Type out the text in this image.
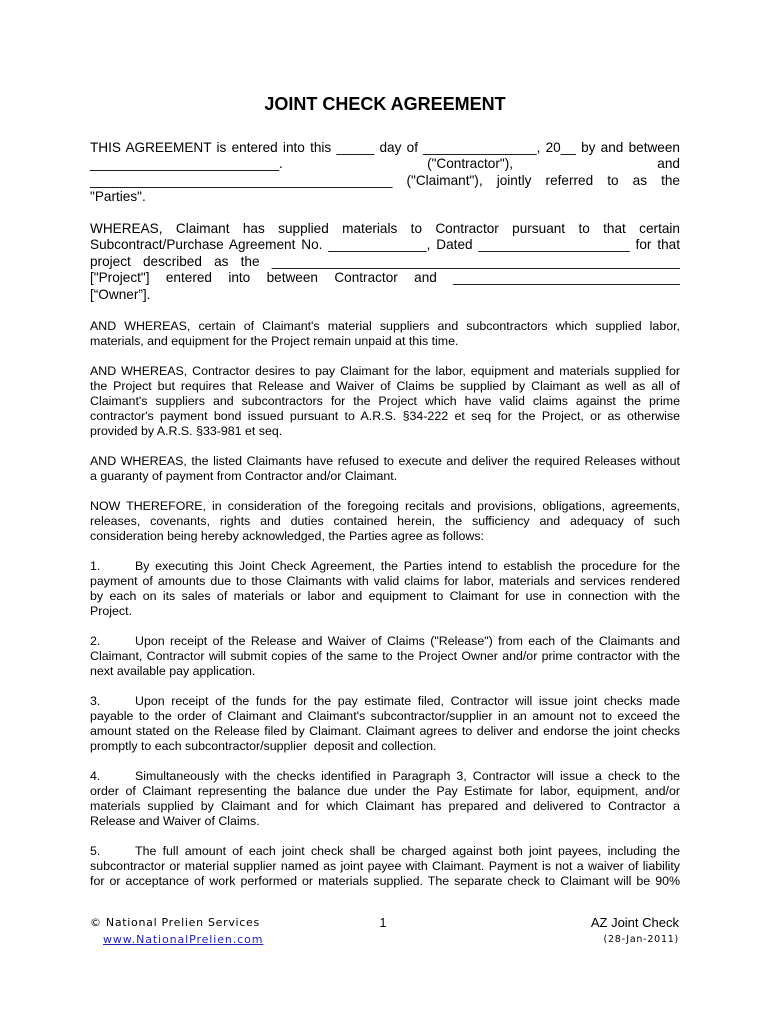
JOINT CHECK AGREEMENT
THIS AGREEMENT is entered into this _____ day of _______________, 20__ by and between
_________________________. ("Contractor"), and
________________________________________ ("Claimant"), jointly referred to as the
"Parties".
WHEREAS, Claimant has supplied materials to Contractor pursuant to that certain
Subcontract/Purchase Agreement No. _____________, Dated ____________________ for that
project described as the ______________________________________________________
["Project"] entered into between Contractor and ______________________________
[“Owner”].
AND WHEREAS, certain of Claimant's material suppliers and subcontractors which supplied labor,
materials, and equipment for the Project remain unpaid at this time.
AND WHEREAS, Contractor desires to pay Claimant for the labor, equipment and materials supplied for
the Project but requires that Release and Waiver of Claims be supplied by Claimant as well as all of
Claimant's suppliers and subcontractors for the Project which have valid claims against the prime
contractor's payment bond issued pursuant to A.R.S. §34-222 et seq for the Project, or as otherwise
provided by A.R.S. §33-981 et seq.
AND WHEREAS, the listed Claimants have refused to execute and deliver the required Releases without
a guaranty of payment from Contractor and/or Claimant.
NOW THEREFORE, in consideration of the foregoing recitals and provisions, obligations, agreements,
releases, covenants, rights and duties contained herein, the sufficiency and adequacy of such
consideration being hereby acknowledged, the Parties agree as follows:
1.	By executing this Joint Check Agreement, the Parties intend to establish the procedure for the
payment of amounts due to those Claimants with valid claims for labor, materials and services rendered
by each on its sales of materials or labor and equipment to Claimant for use in connection with the
Project.
2.	Upon receipt of the Release and Waiver of Claims ("Release") from each of the Claimants and
Claimant, Contractor will submit copies of the same to the Project Owner and/or prime contractor with the
next available pay application.
3.	Upon receipt of the funds for the pay estimate filed, Contractor will issue joint checks made
payable to the order of Claimant and Claimant's subcontractor/supplier in an amount not to exceed the
amount stated on the Release filed by Claimant. Claimant agrees to deliver and endorse the joint checks
promptly to each subcontractor/supplier  deposit and collection.
4.	Simultaneously with the checks identified in Paragraph 3, Contractor will issue a check to the
order of Claimant representing the balance due under the Pay Estimate for labor, equipment, and/or
materials supplied by Claimant and for which Claimant has prepared and delivered to Contractor a
Release and Waiver of Claims.
5.	The full amount of each joint check shall be charged against both joint payees, including the
subcontractor or material supplier named as joint payee with Claimant. Payment is not a waiver of liability
for or acceptance of work performed or materials supplied. The separate check to Claimant will be 90%
© National Prelien Services	1	AZ Joint Check
www.NationalPrelien.com	(28-Jan-2011)
